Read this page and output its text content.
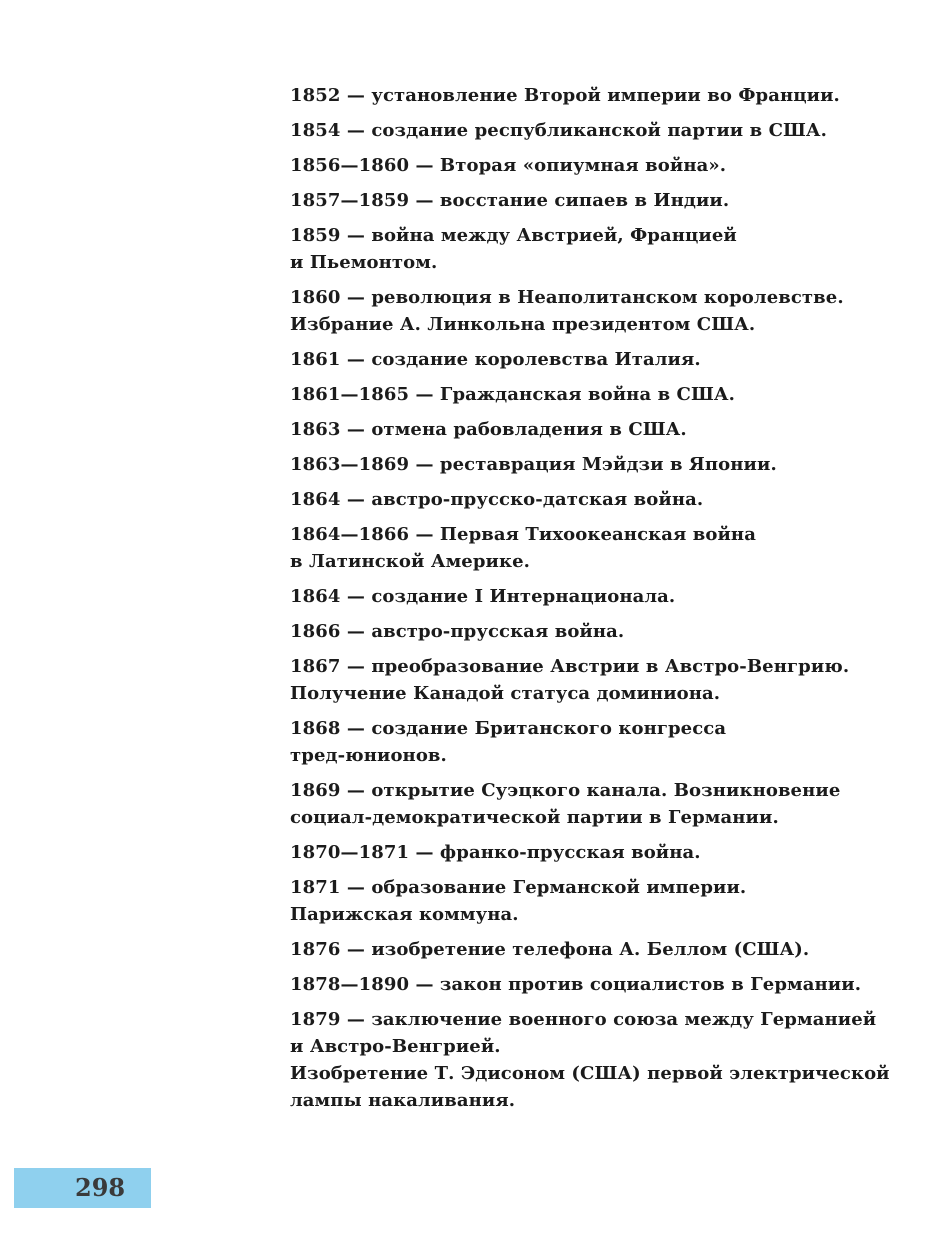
1852 — установление Второй империи во Франции.
1854 — создание республиканской партии в США.
1856—1860 — Вторая «опиумная война».
1857—1859 — восстание сипаев в Индии.
1859 — война между Австрией, Францией
и Пьемонтом.
1860 — революция в Неаполитанском королевстве.
Избрание А. Линкольна президентом США.
1861 — создание королевства Италия.
1861—1865 — Гражданская война в США.
1863 — отмена рабовладения в США.
1863—1869 — реставрация Мэйдзи в Японии.
1864 — австро-прусско-датская война.
1864—1866 — Первая Тихоокеанская война
в Латинской Америке.
1864 — создание I Интернационала.
1866 — австро-прусская война.
1867 — преобразование Австрии в Австро-Венгрию.
Получение Канадой статуса доминиона.
1868 — создание Британского конгресса
тред-юнионов.
1869 — открытие Суэцкого канала. Возникновение
социал-демократической партии в Германии.
1870—1871 — франко-прусская война.
1871 — образование Германской империи.
Парижская коммуна.
1876 — изобретение телефона А. Беллом (США).
1878—1890 — закон против социалистов в Германии.
1879 — заключение военного союза между Германией
и Австро-Венгрией.
Изобретение Т. Эдисоном (США) первой электрической
лампы накаливания.
298
